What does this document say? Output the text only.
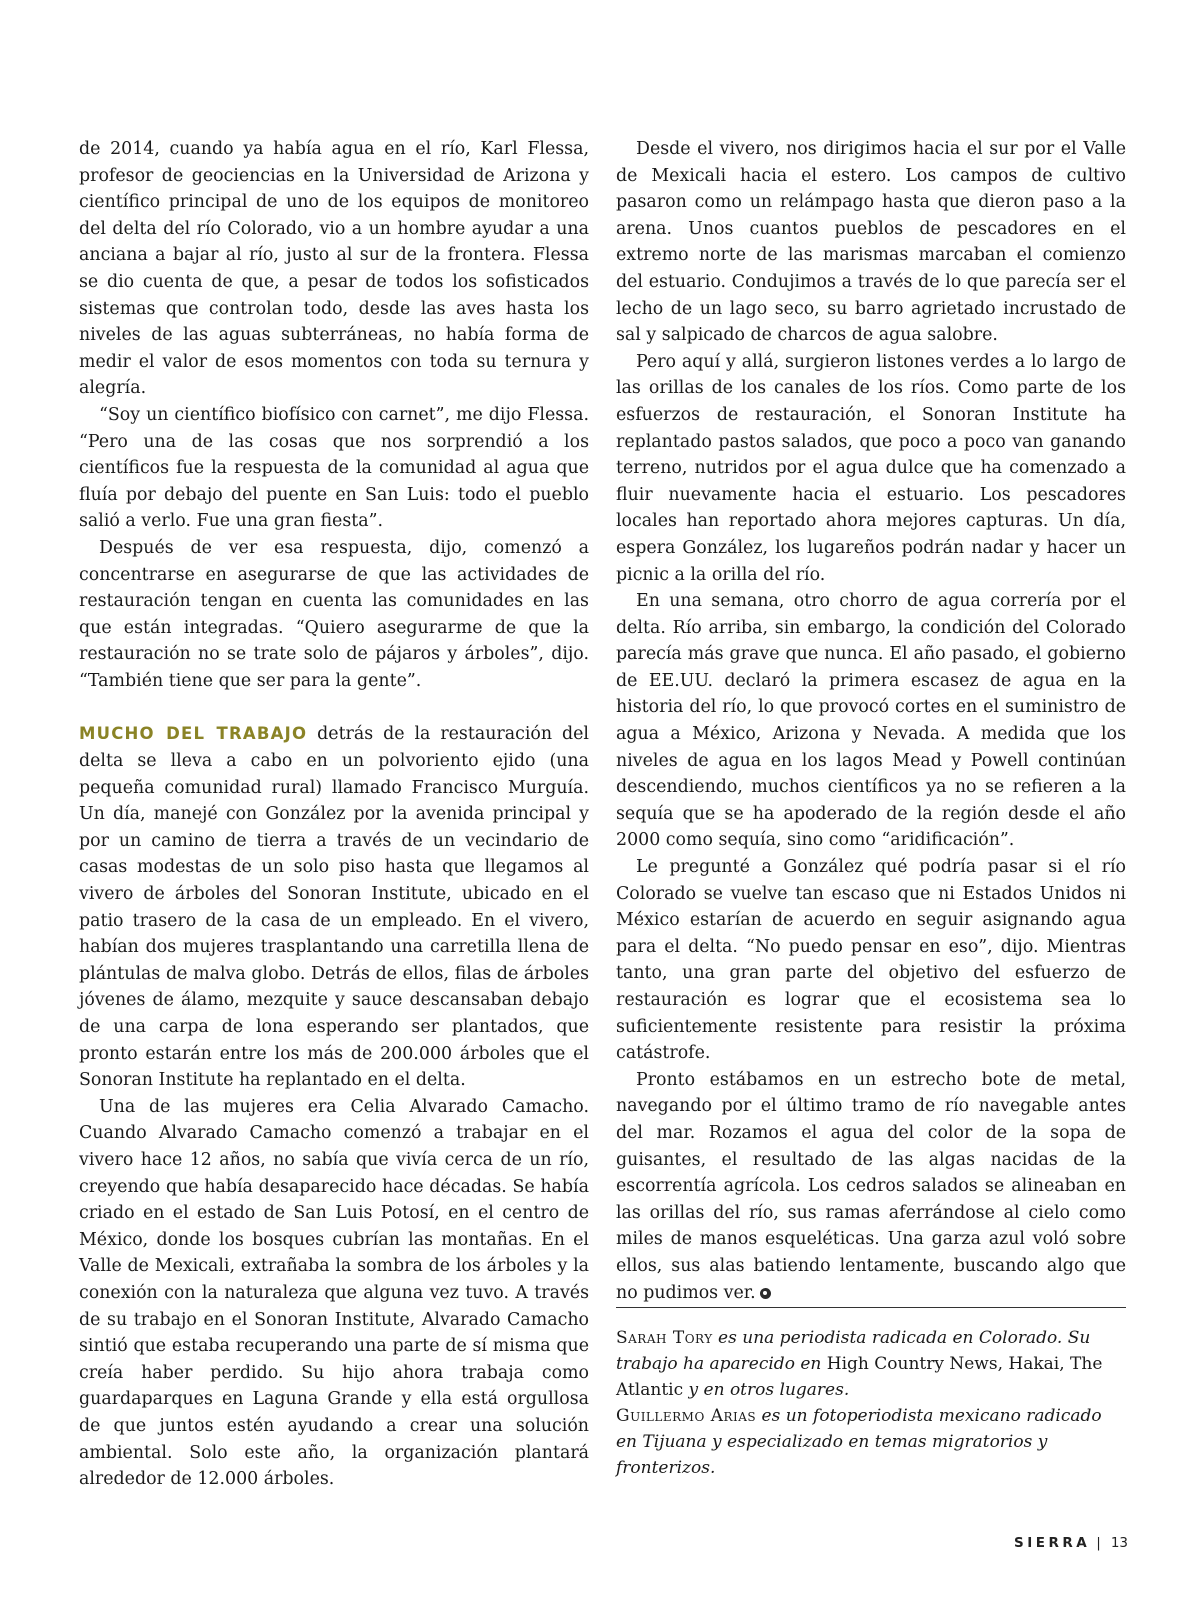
de 2014, cuando ya había agua en el río, Karl Flessa, profesor de geociencias en la Universidad de Arizona y científico principal de uno de los equipos de monitoreo del delta del río Colorado, vio a un hombre ayudar a una anciana a bajar al río, justo al sur de la frontera. Flessa se dio cuenta de que, a pesar de todos los sofisticados sistemas que controlan todo, desde las aves hasta los niveles de las aguas subterráneas, no había forma de medir el valor de esos momentos con toda su ternura y alegría.

“Soy un científico biofísico con carnet”, me dijo Flessa. “Pero una de las cosas que nos sorprendió a los científicos fue la respuesta de la comunidad al agua que fluía por debajo del puente en San Luis: todo el pueblo salió a verlo. Fue una gran fiesta”.

Después de ver esa respuesta, dijo, comenzó a concentrarse en asegurarse de que las actividades de restauración tengan en cuenta las comunidades en las que están integradas. “Quiero asegurarme de que la restauración no se trate solo de pájaros y árboles”, dijo. “También tiene que ser para la gente”.

MUCHO DEL TRABAJO detrás de la restauración del delta se lleva a cabo en un polvoriento ejido (una pequeña comunidad rural) llamado Francisco Murguía. Un día, manejé con González por la avenida principal y por un camino de tierra a través de un vecindario de casas modestas de un solo piso hasta que llegamos al vivero de árboles del Sonoran Institute, ubicado en el patio trasero de la casa de un empleado. En el vivero, habían dos mujeres trasplantando una carretilla llena de plántulas de malva globo. Detrás de ellos, filas de árboles jóvenes de álamo, mezquite y sauce descansaban debajo de una carpa de lona esperando ser plantados, que pronto estarán entre los más de 200.000 árboles que el Sonoran Institute ha replantado en el delta.

Una de las mujeres era Celia Alvarado Camacho. Cuando Alvarado Camacho comenzó a trabajar en el vivero hace 12 años, no sabía que vivía cerca de un río, creyendo que había desaparecido hace décadas. Se había criado en el estado de San Luis Potosí, en el centro de México, donde los bosques cubrían las montañas. En el Valle de Mexicali, extrañaba la sombra de los árboles y la conexión con la naturaleza que alguna vez tuvo. A través de su trabajo en el Sonoran Institute, Alvarado Camacho sintió que estaba recuperando una parte de sí misma que creía haber perdido. Su hijo ahora trabaja como guardaparques en Laguna Grande y ella está orgullosa de que juntos estén ayudando a crear una solución ambiental. Solo este año, la organización plantará alrededor de 12.000 árboles.

Desde el vivero, nos dirigimos hacia el sur por el Valle de Mexicali hacia el estero. Los campos de cultivo pasaron como un relámpago hasta que dieron paso a la arena. Unos cuantos pueblos de pescadores en el extremo norte de las marismas marcaban el comienzo del estuario. Condujimos a través de lo que parecía ser el lecho de un lago seco, su barro agrietado incrustado de sal y salpicado de charcos de agua salobre.

Pero aquí y allá, surgieron listones verdes a lo largo de las orillas de los canales de los ríos. Como parte de los esfuerzos de restauración, el Sonoran Institute ha replantado pastos salados, que poco a poco van ganando terreno, nutridos por el agua dulce que ha comenzado a fluir nuevamente hacia el estuario. Los pescadores locales han reportado ahora mejores capturas. Un día, espera González, los lugareños podrán nadar y hacer un picnic a la orilla del río.

En una semana, otro chorro de agua correría por el delta. Río arriba, sin embargo, la condición del Colorado parecía más grave que nunca. El año pasado, el gobierno de EE.UU. declaró la primera escasez de agua en la historia del río, lo que provocó cortes en el suministro de agua a México, Arizona y Nevada. A medida que los niveles de agua en los lagos Mead y Powell continúan descendiendo, muchos científicos ya no se refieren a la sequía que se ha apoderado de la región desde el año 2000 como sequía, sino como “aridificación”.

Le pregunté a González qué podría pasar si el río Colorado se vuelve tan escaso que ni Estados Unidos ni México estarían de acuerdo en seguir asignando agua para el delta. “No puedo pensar en eso”, dijo. Mientras tanto, una gran parte del objetivo del esfuerzo de restauración es lograr que el ecosistema sea lo suficientemente resistente para resistir la próxima catástrofe.

Pronto estábamos en un estrecho bote de metal, navegando por el último tramo de río navegable antes del mar. Rozamos el agua del color de la sopa de guisantes, el resultado de las algas nacidas de la escorrentía agrícola. Los cedros salados se alineaban en las orillas del río, sus ramas aferrándose al cielo como miles de manos esqueléticas. Una garza azul voló sobre ellos, sus alas batiendo lentamente, buscando algo que no pudimos ver.

Sarah Tory es una periodista radicada en Colorado. Su trabajo ha aparecido en High Country News, Hakai, The Atlantic y en otros lugares.

Guillermo Arias es un fotoperiodista mexicano radicado en Tijuana y especializado en temas migratorios y fronterizos.

SIERRA | 13
